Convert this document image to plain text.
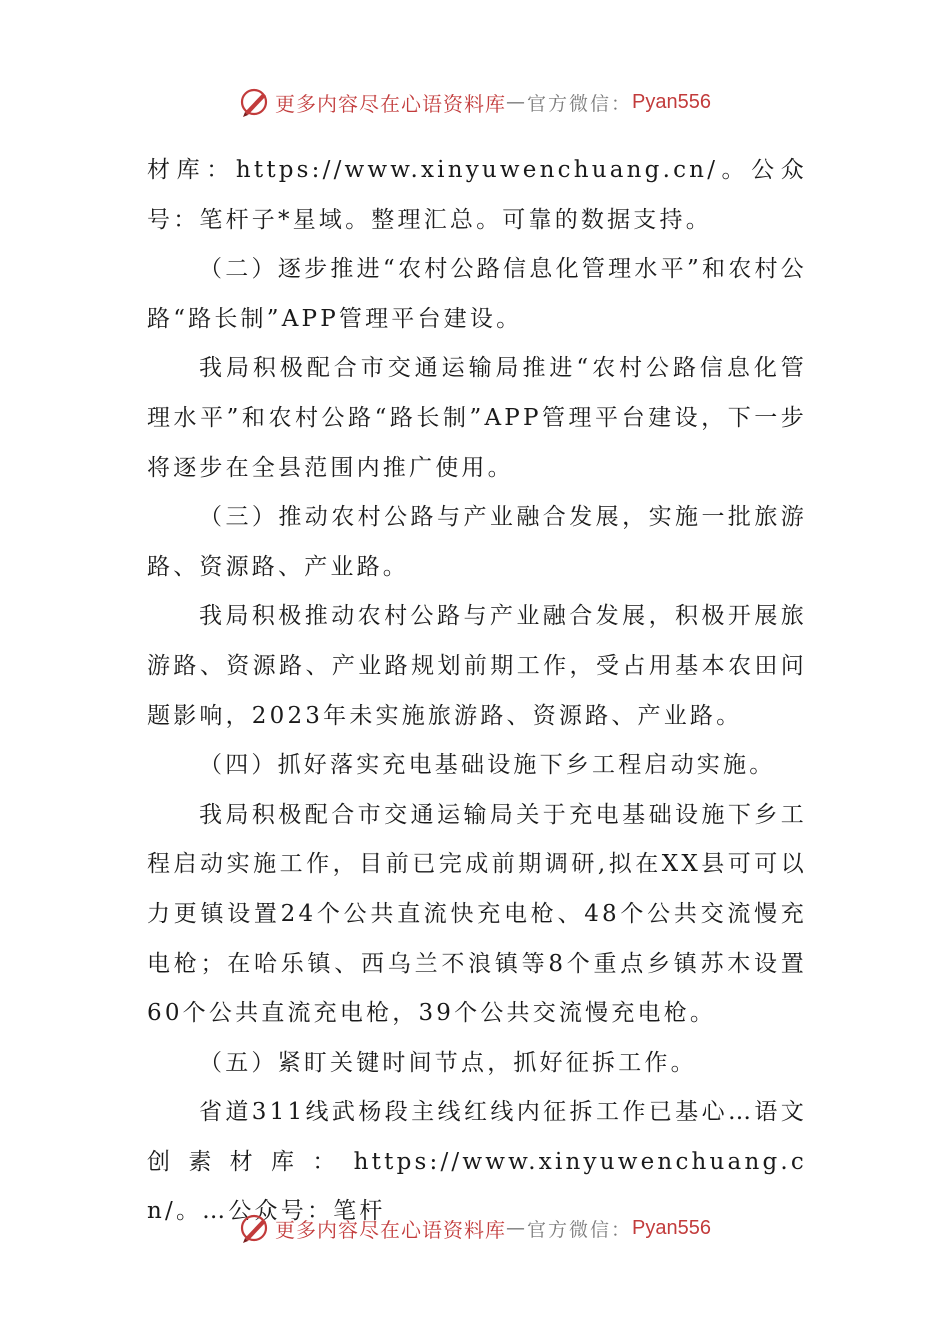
更多内容尽在心语资料库 — 官方微信： Pyan556

材库：https://www.xinyuwenchuang.cn/。公众号：笔杆子*星域。整理汇总。可靠的数据支持。

（二）逐步推进“农村公路信息化管理水平”和农村公路“路长制”APP管理平台建设。

我局积极配合市交通运输局推进“农村公路信息化管理水平”和农村公路“路长制”APP管理平台建设，下一步将逐步在全县范围内推广使用。

（三）推动农村公路与产业融合发展，实施一批旅游路、资源路、产业路。

我局积极推动农村公路与产业融合发展，积极开展旅游路、资源路、产业路规划前期工作，受占用基本农田问题影响，2023年未实施旅游路、资源路、产业路。

（四）抓好落实充电基础设施下乡工程启动实施。

我局积极配合市交通运输局关于充电基础设施下乡工程启动实施工作，目前已完成前期调研,拟在XX县可可以力更镇设置24个公共直流快充电枪、48个公共交流慢充电枪；在哈乐镇、西乌兰不浪镇等8个重点乡镇苏木设置60个公共直流充电枪，39个公共交流慢充电枪。

（五）紧盯关键时间节点，抓好征拆工作。

省道311线武杨段主线红线内征拆工作已基心…语文创素材库：https://www.xinyuwenchuang.cn/。…公众号：笔杆

更多内容尽在心语资料库 — 官方微信： Pyan556
